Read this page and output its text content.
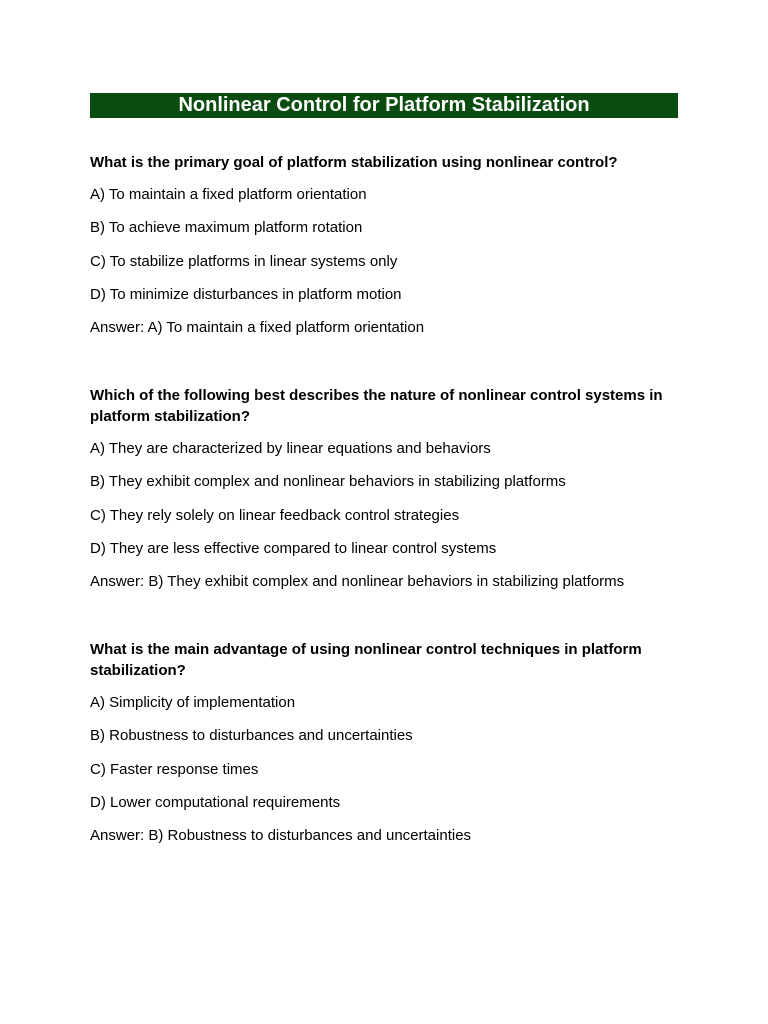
Nonlinear Control for Platform Stabilization

What is the primary goal of platform stabilization using nonlinear control?

A) To maintain a fixed platform orientation

B) To achieve maximum platform rotation

C) To stabilize platforms in linear systems only

D) To minimize disturbances in platform motion

Answer: A) To maintain a fixed platform orientation

Which of the following best describes the nature of nonlinear control systems in platform stabilization?

A) They are characterized by linear equations and behaviors

B) They exhibit complex and nonlinear behaviors in stabilizing platforms

C) They rely solely on linear feedback control strategies

D) They are less effective compared to linear control systems

Answer: B) They exhibit complex and nonlinear behaviors in stabilizing platforms

What is the main advantage of using nonlinear control techniques in platform stabilization?

A) Simplicity of implementation

B) Robustness to disturbances and uncertainties

C) Faster response times

D) Lower computational requirements

Answer: B) Robustness to disturbances and uncertainties
